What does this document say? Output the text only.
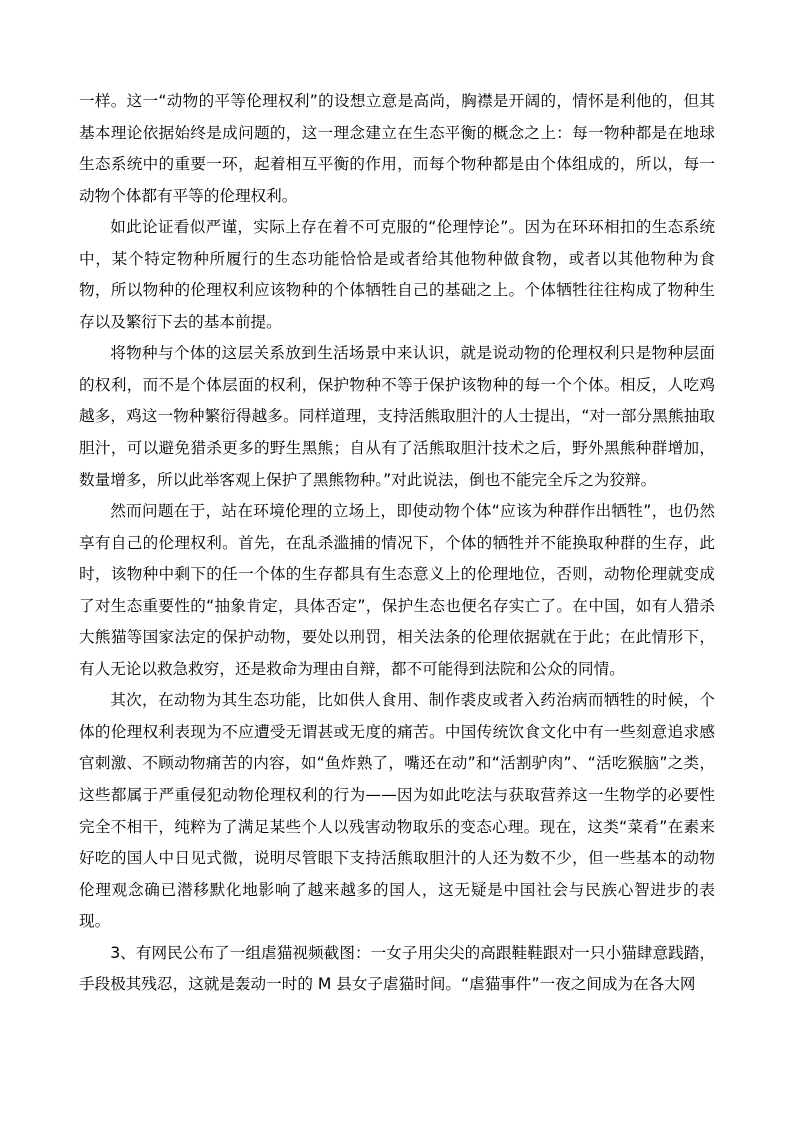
一样。这一“动物的平等伦理权利”的设想立意是高尚，胸襟是开阔的，情怀是利他的，但其基本理论依据始终是成问题的，这一理念建立在生态平衡的概念之上：每一物种都是在地球生态系统中的重要一环，起着相互平衡的作用，而每个物种都是由个体组成的，所以，每一动物个体都有平等的伦理权利。

如此论证看似严谨，实际上存在着不可克服的“伦理悖论”。因为在环环相扣的生态系统中，某个特定物种所履行的生态功能恰恰是或者给其他物种做食物，或者以其他物种为食物，所以物种的伦理权利应该物种的个体牺牲自己的基础之上。个体牺牲往往构成了物种生存以及繁衍下去的基本前提。

将物种与个体的这层关系放到生活场景中来认识，就是说动物的伦理权利只是物种层面的权利，而不是个体层面的权利，保护物种不等于保护该物种的每一个个体。相反，人吃鸡越多，鸡这一物种繁衍得越多。同样道理，支持活熊取胆汁的人士提出，“对一部分黑熊抽取胆汁，可以避免猎杀更多的野生黑熊；自从有了活熊取胆汁技术之后，野外黑熊种群增加，数量增多，所以此举客观上保护了黑熊物种。”对此说法，倒也不能完全斥之为狡辩。

然而问题在于，站在环境伦理的立场上，即使动物个体“应该为种群作出牺牲”，也仍然享有自己的伦理权利。首先，在乱杀滥捕的情况下，个体的牺牲并不能换取种群的生存，此时，该物种中剩下的任一个体的生存都具有生态意义上的伦理地位，否则，动物伦理就变成了对生态重要性的“抽象肯定，具体否定”，保护生态也便名存实亡了。在中国，如有人猎杀大熊猫等国家法定的保护动物，要处以刑罚，相关法条的伦理依据就在于此；在此情形下，有人无论以救急救穷，还是救命为理由自辩，都不可能得到法院和公众的同情。

其次，在动物为其生态功能，比如供人食用、制作裘皮或者入药治病而牺牲的时候，个体的伦理权利表现为不应遭受无谓甚或无度的痛苦。中国传统饮食文化中有一些刻意追求感官刺激、不顾动物痛苦的内容，如“鱼炸熟了，嘴还在动”和“活割驴肉”、“活吃猴脑”之类，这些都属于严重侵犯动物伦理权利的行为——因为如此吃法与获取营养这一生物学的必要性完全不相干，纯粹为了满足某些个人以残害动物取乐的变态心理。现在，这类“菜肴”在素来好吃的国人中日见式微，说明尽管眼下支持活熊取胆汁的人还为数不少，但一些基本的动物伦理观念确已潜移默化地影响了越来越多的国人，这无疑是中国社会与民族心智进步的表现。

3、有网民公布了一组虐猫视频截图：一女子用尖尖的高跟鞋鞋跟对一只小猫肆意践踏，手段极其残忍，这就是轰动一时的 M 县女子虐猫时间。“虐猫事件”一夜之间成为在各大网
